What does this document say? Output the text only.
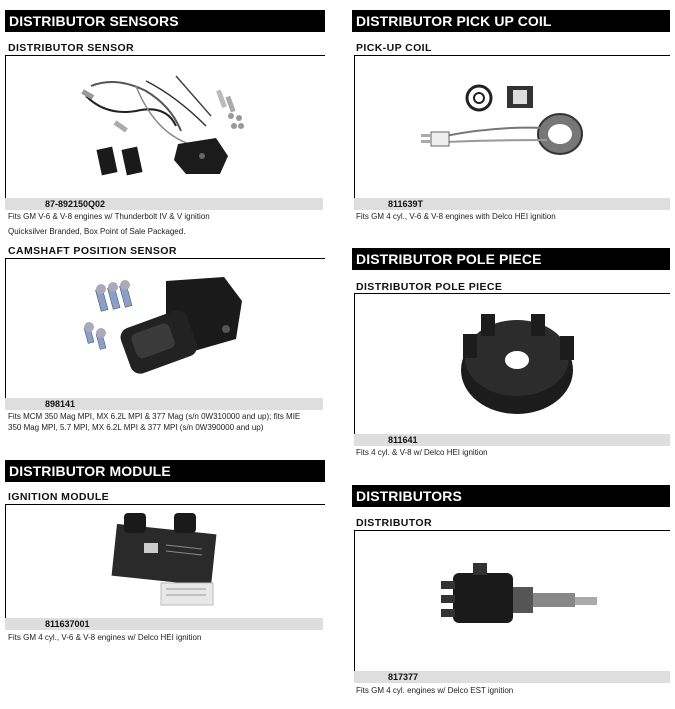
DISTRIBUTOR SENSORS
DISTRIBUTOR SENSOR
87-892150Q02
Fits GM V-6 & V-8 engines w/ Thunderbolt IV & V ignition
Quicksilver Branded, Box Point of Sale Packaged.
CAMSHAFT POSITION SENSOR
898141
Fits MCM 350 Mag MPI, MX 6.2L MPI & 377 Mag (s/n 0W310000 and up); fits MIE
350 Mag MPI, 5.7 MPI, MX 6.2L MPI & 377 MPI (s/n 0W390000 and up)
DISTRIBUTOR MODULE
IGNITION MODULE
811637001
Fits GM 4 cyl., V-6 & V-8 engines w/ Delco HEI ignition
DISTRIBUTOR PICK UP COIL
PICK-UP COIL
811639T
Fits GM 4 cyl., V-6 & V-8 engines with Delco HEI ignition
DISTRIBUTOR POLE PIECE
DISTRIBUTOR POLE PIECE
811641
Fits 4 cyl. & V-8 w/ Delco HEI ignition
DISTRIBUTORS
DISTRIBUTOR
817377
Fits GM 4 cyl. engines w/ Delco EST ignition
